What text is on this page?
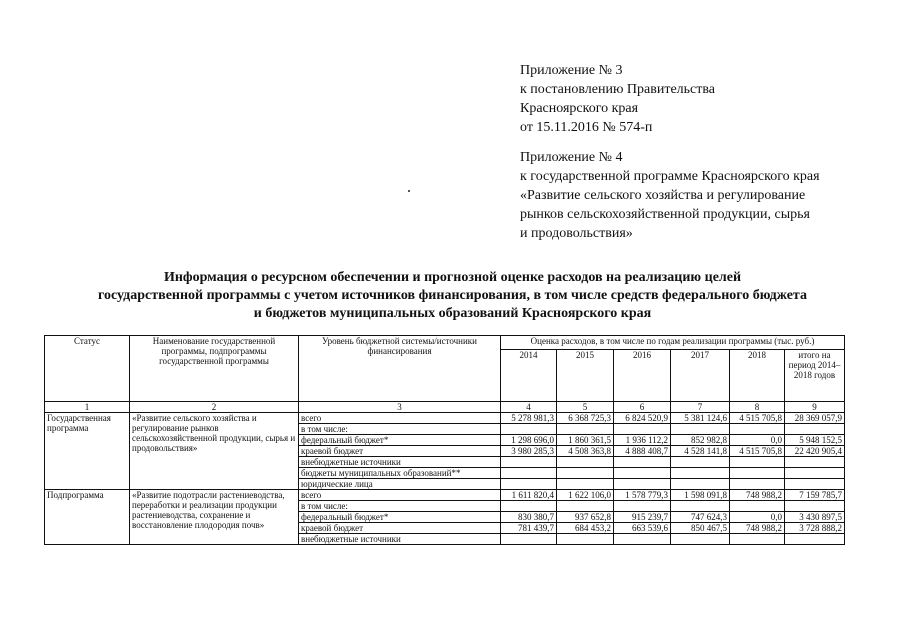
Приложение № 3
к постановлению Правительства
Красноярского края
от 15.11.2016 № 574-п
Приложение № 4
к государственной программе Красноярского края
«Развитие сельского хозяйства и регулирование
рынков сельскохозяйственной продукции, сырья
и продовольствия»
Информация о ресурсном обеспечении и прогнозной оценке расходов на реализацию целей
государственной программы с учетом источников финансирования, в том числе средств федерального бюджета
и бюджетов муниципальных образований Красноярского края
Статус	Наименование государственной программы, подпрограммы государственной программы	Уровень бюджетной системы/источники финансирования	Оценка расходов, в том числе по годам реализации программы (тыс. руб.)					
			2014	2015	2016	2017	2018	итого на период 2014–2018 годов
1	2	3	4	5	6	7	8	9
Государственная программа	«Развитие сельского хозяйства и регулирование рынков сельскохозяйственной продукции, сырья и продовольствия»	всего	5 278 981,3	6 368 725,3	6 824 520,9	5 381 124,6	4 515 705,8	28 369 057,9
		в том числе:						
		федеральный бюджет*	1 298 696,0	1 860 361,5	1 936 112,2	852 982,8	0,0	5 948 152,5
		краевой бюджет	3 980 285,3	4 508 363,8	4 888 408,7	4 528 141,8	4 515 705,8	22 420 905,4
		внебюджетные источники						
		бюджеты муниципальных образований**						
		юридические лица						
Подпрограмма	«Развитие подотрасли растениеводства, переработки и реализации продукции растениеводства, сохранение и восстановление плодородия почв»	всего	1 611 820,4	1 622 106,0	1 578 779,3	1 598 091,8	748 988,2	7 159 785,7
		в том числе:						
		федеральный бюджет*	830 380,7	937 652,8	915 239,7	747 624,3	0,0	3 430 897,5
		краевой бюджет	781 439,7	684 453,2	663 539,6	850 467,5	748 988,2	3 728 888,2
		внебюджетные источники						
